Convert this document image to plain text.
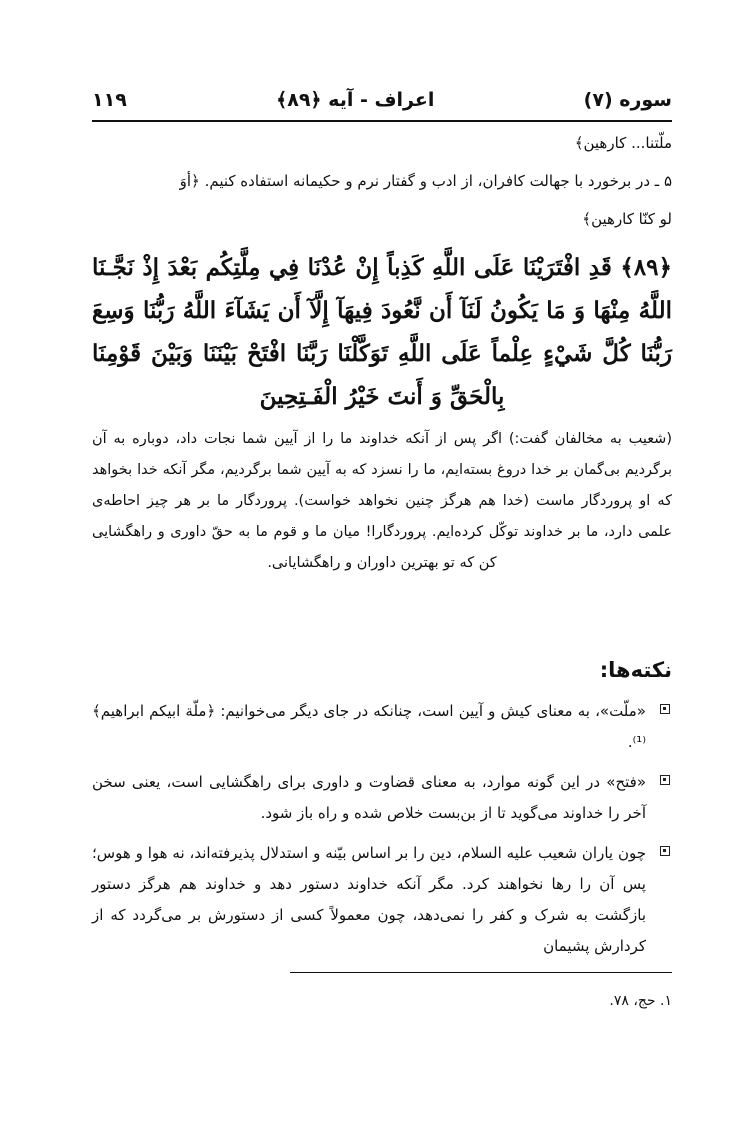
سوره (۷)
اعراف - آیه ﴿۸۹﴾
۱۱۹

ملّتنا... کارهین﴾

۵ ـ در برخورد با جهالت کافران، از ادب و گفتار نرم و حکیمانه استفاده کنیم. ﴿أوَ

لو کنّا کارهین﴾

﴿۸۹﴾ قَدِ افْتَرَيْنَا عَلَى اللَّهِ كَذِباً إِنْ عُدْنَا فِي مِلَّتِكُم بَعْدَ إِذْ نَجَّـنَا اللَّهُ مِنْهَا وَ مَا يَكُونُ لَنَآ أَن نَّعُودَ فِيهَآ إِلَّآ أَن يَشَآءَ اللَّهُ رَبُّنَا وَسِعَ رَبُّنَا كُلَّ شَيْءٍ عِلْماً عَلَى اللَّهِ تَوَكَّلْنَا رَبَّنَا افْتَحْ بَيْنَنَا وَبَيْنَ قَوْمِنَا بِالْحَقِّ وَ أَنتَ خَيْرُ الْفَـتِحِينَ

(شعیب به مخالفان گفت:) اگر پس از آنکه خداوند ما را از آیین شما نجات داد، دوباره به آن برگردیم بی‌گمان بر خدا دروغ بسته‌ایم، ما را نسزد که به آیین شما برگردیم، مگر آنکه خدا بخواهد که او پروردگار ماست (خدا هم هرگز چنین نخواهد خواست). پروردگار ما بر هر چیز احاطه‌ی علمی دارد، ما بر خداوند توکّل کرده‌ایم. پروردگارا! میان ما و قوم ما به حقّ داوری و راهگشایی کن که تو بهترین داوران و راهگشایانی.

نکته‌ها:
«ملّت»، به معنای کیش و آیین است، چنانکه در جای دیگر می‌خوانیم: ﴿ملّة ابیکم ابراهیم﴾⁽¹⁾.
«فتح» در این گونه موارد، به معنای قضاوت و داوری برای راهگشایی است، یعنی سخن آخر را خداوند می‌گوید تا از بن‌بست خلاص شده و راه باز شود.
چون یاران شعیب علیه السلام، دین را بر اساس بیّنه و استدلال پذیرفته‌اند، نه هوا و هوس؛ پس آن را رها نخواهند کرد. مگر آنکه خداوند دستور دهد و خداوند هم هرگز دستور بازگشت به شرک و کفر را نمی‌دهد، چون معمولاً کسی از دستورش بر می‌گردد که از کردارش پشیمان
۱. حج، ۷۸.
